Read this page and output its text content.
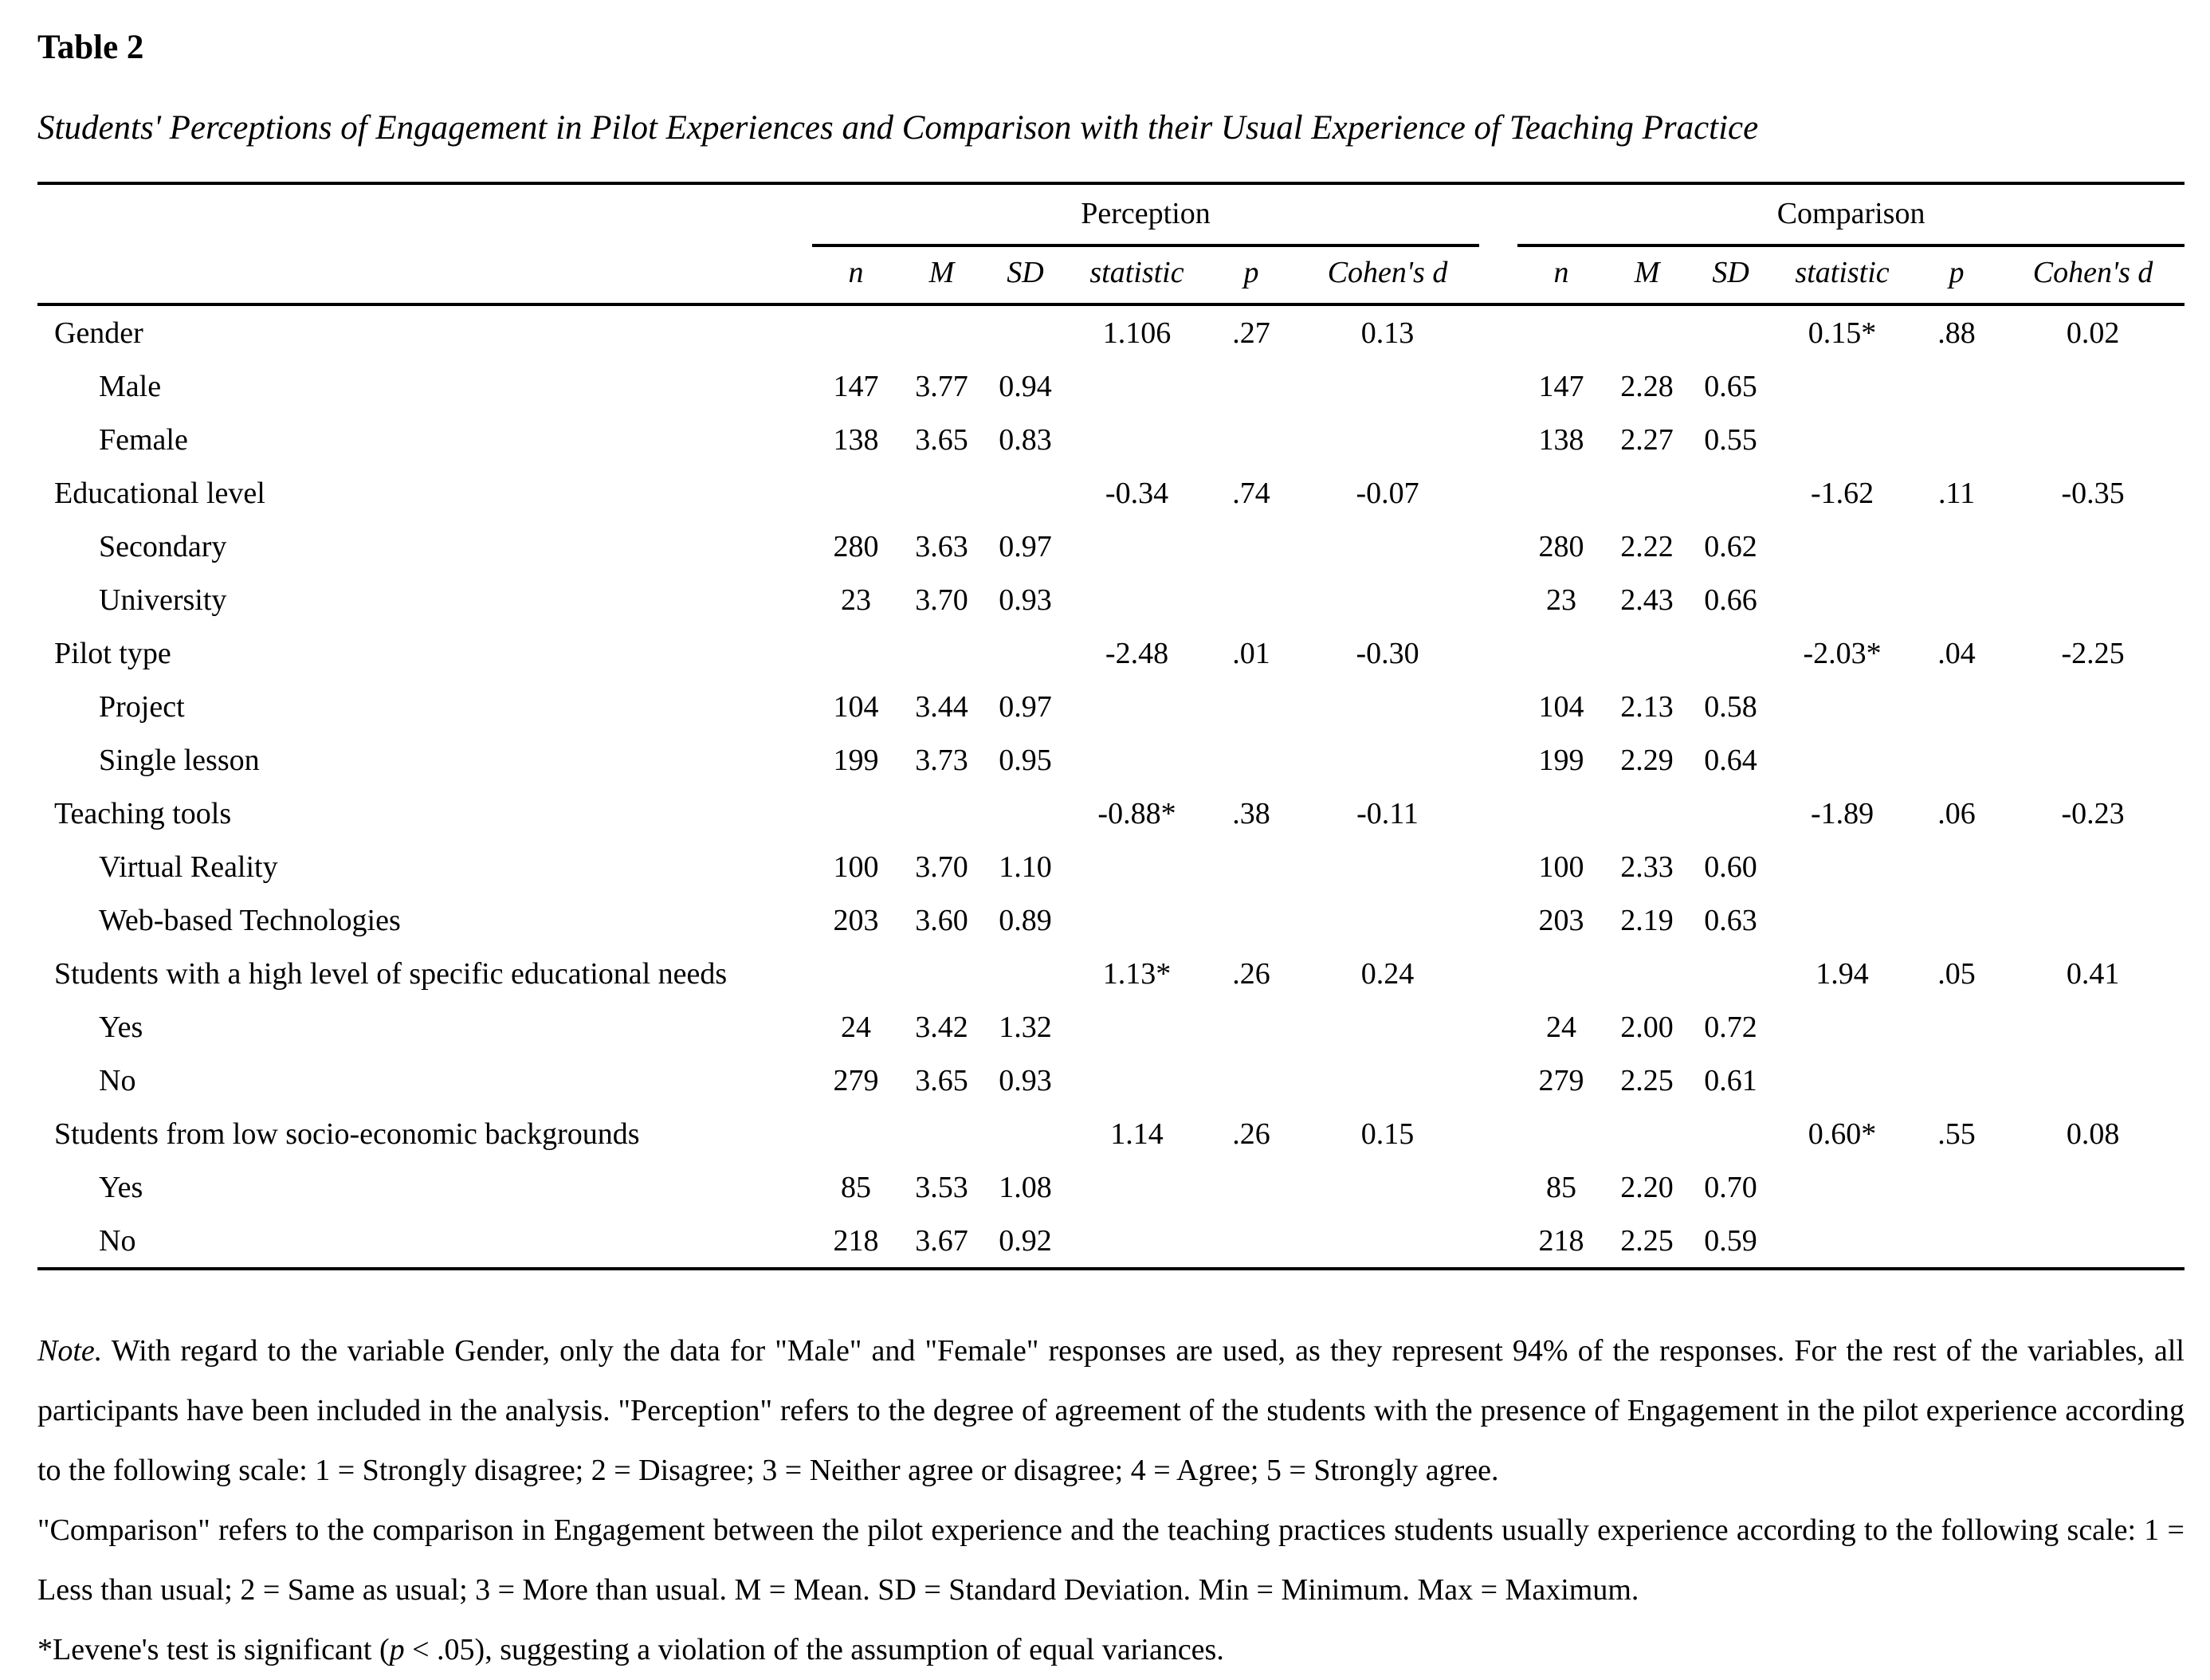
Table 2

Students' Perceptions of Engagement in Pilot Experiences and Comparison with their Usual Experience of Teaching Practice

	Perception							Comparison					
	n	M	SD	statistic	p	Cohen's d		n	M	SD	statistic	p	Cohen's d
Gender				1.106	.27	0.13					0.15*	.88	0.02
Male	147	3.77	0.94					147	2.28	0.65			
Female	138	3.65	0.83					138	2.27	0.55			
Educational level				-0.34	.74	-0.07					-1.62	.11	-0.35
Secondary	280	3.63	0.97					280	2.22	0.62			
University	23	3.70	0.93					23	2.43	0.66			
Pilot type				-2.48	.01	-0.30					-2.03*	.04	-2.25
Project	104	3.44	0.97					104	2.13	0.58			
Single lesson	199	3.73	0.95					199	2.29	0.64			
Teaching tools				-0.88*	.38	-0.11					-1.89	.06	-0.23
Virtual Reality	100	3.70	1.10					100	2.33	0.60			
Web-based Technologies	203	3.60	0.89					203	2.19	0.63			
Students with a high level of specific educational needs				1.13*	.26	0.24					1.94	.05	0.41
Yes	24	3.42	1.32					24	2.00	0.72			
No	279	3.65	0.93					279	2.25	0.61			
Students from low socio-economic backgrounds				1.14	.26	0.15					0.60*	.55	0.08
Yes	85	3.53	1.08					85	2.20	0.70			
No	218	3.67	0.92					218	2.25	0.59			

Note. With regard to the variable Gender, only the data for "Male" and "Female" responses are used, as they represent 94% of the responses. For the rest of the variables, all participants have been included in the analysis. "Perception" refers to the degree of agreement of the students with the presence of Engagement in the pilot experience according to the following scale: 1 = Strongly disagree; 2 = Disagree; 3 = Neither agree or disagree; 4 = Agree; 5 = Strongly agree.

"Comparison" refers to the comparison in Engagement between the pilot experience and the teaching practices students usually experience according to the following scale: 1 = Less than usual; 2 = Same as usual; 3 = More than usual. M = Mean. SD = Standard Deviation. Min = Minimum. Max = Maximum.

*Levene's test is significant (p < .05), suggesting a violation of the assumption of equal variances.
